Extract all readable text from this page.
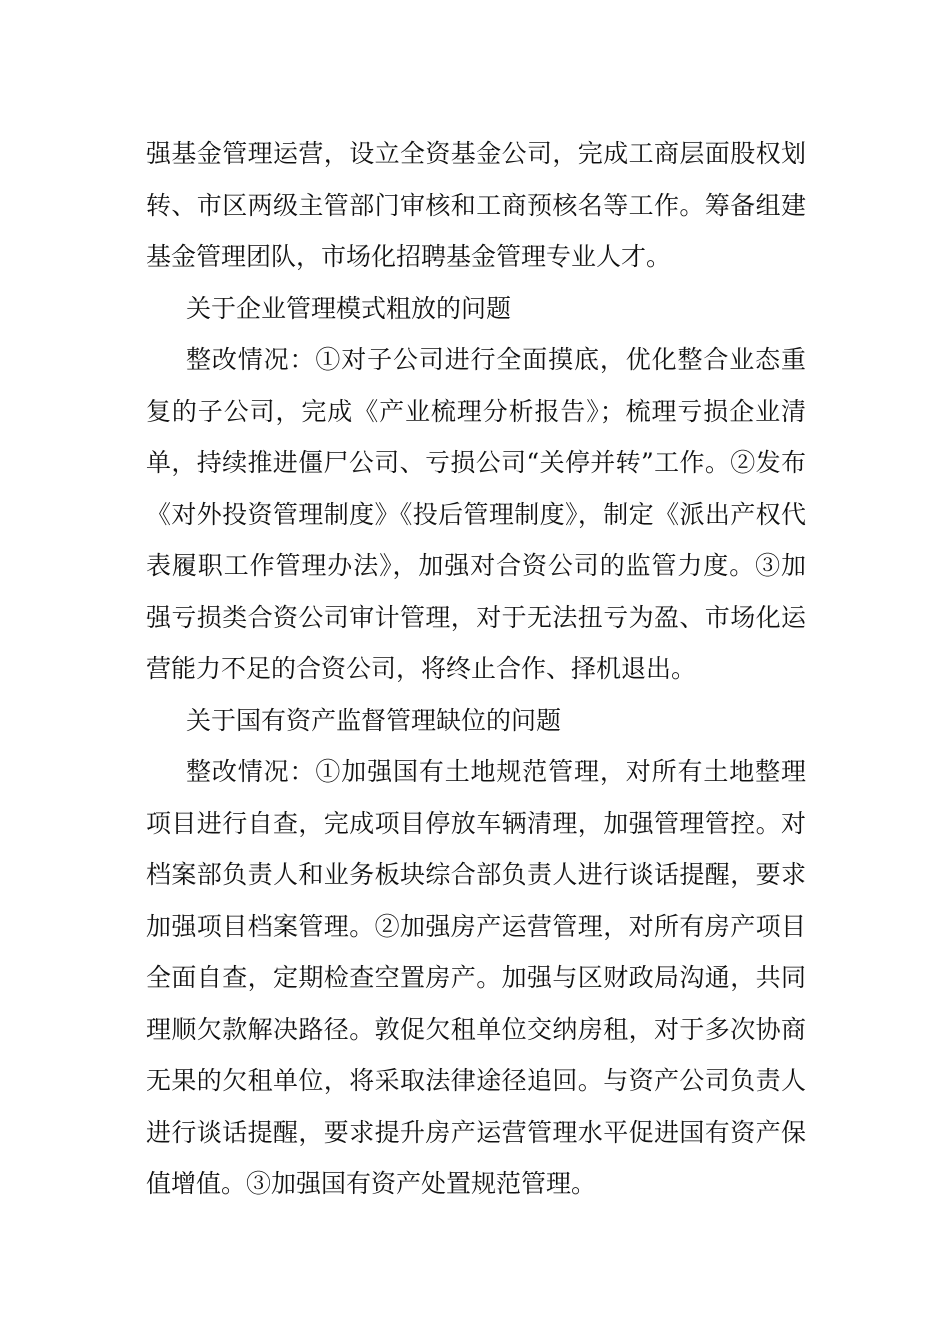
强基金管理运营，设立全资基金公司，完成工商层面股权划转、市区两级主管部门审核和工商预核名等工作。筹备组建基金管理团队，市场化招聘基金管理专业人才。

关于企业管理模式粗放的问题

整改情况：①对子公司进行全面摸底，优化整合业态重复的子公司，完成《产业梳理分析报告》；梳理亏损企业清单，持续推进僵尸公司、亏损公司“关停并转”工作。②发布《对外投资管理制度》《投后管理制度》，制定《派出产权代表履职工作管理办法》，加强对合资公司的监管力度。③加强亏损类合资公司审计管理，对于无法扭亏为盈、市场化运营能力不足的合资公司，将终止合作、择机退出。

关于国有资产监督管理缺位的问题

整改情况：①加强国有土地规范管理，对所有土地整理项目进行自查，完成项目停放车辆清理，加强管理管控。对档案部负责人和业务板块综合部负责人进行谈话提醒，要求加强项目档案管理。②加强房产运营管理，对所有房产项目全面自查，定期检查空置房产。加强与区财政局沟通，共同理顺欠款解决路径。敦促欠租单位交纳房租，对于多次协商无果的欠租单位，将采取法律途径追回。与资产公司负责人进行谈话提醒，要求提升房产运营管理水平促进国有资产保值增值。③加强国有资产处置规范管理。
